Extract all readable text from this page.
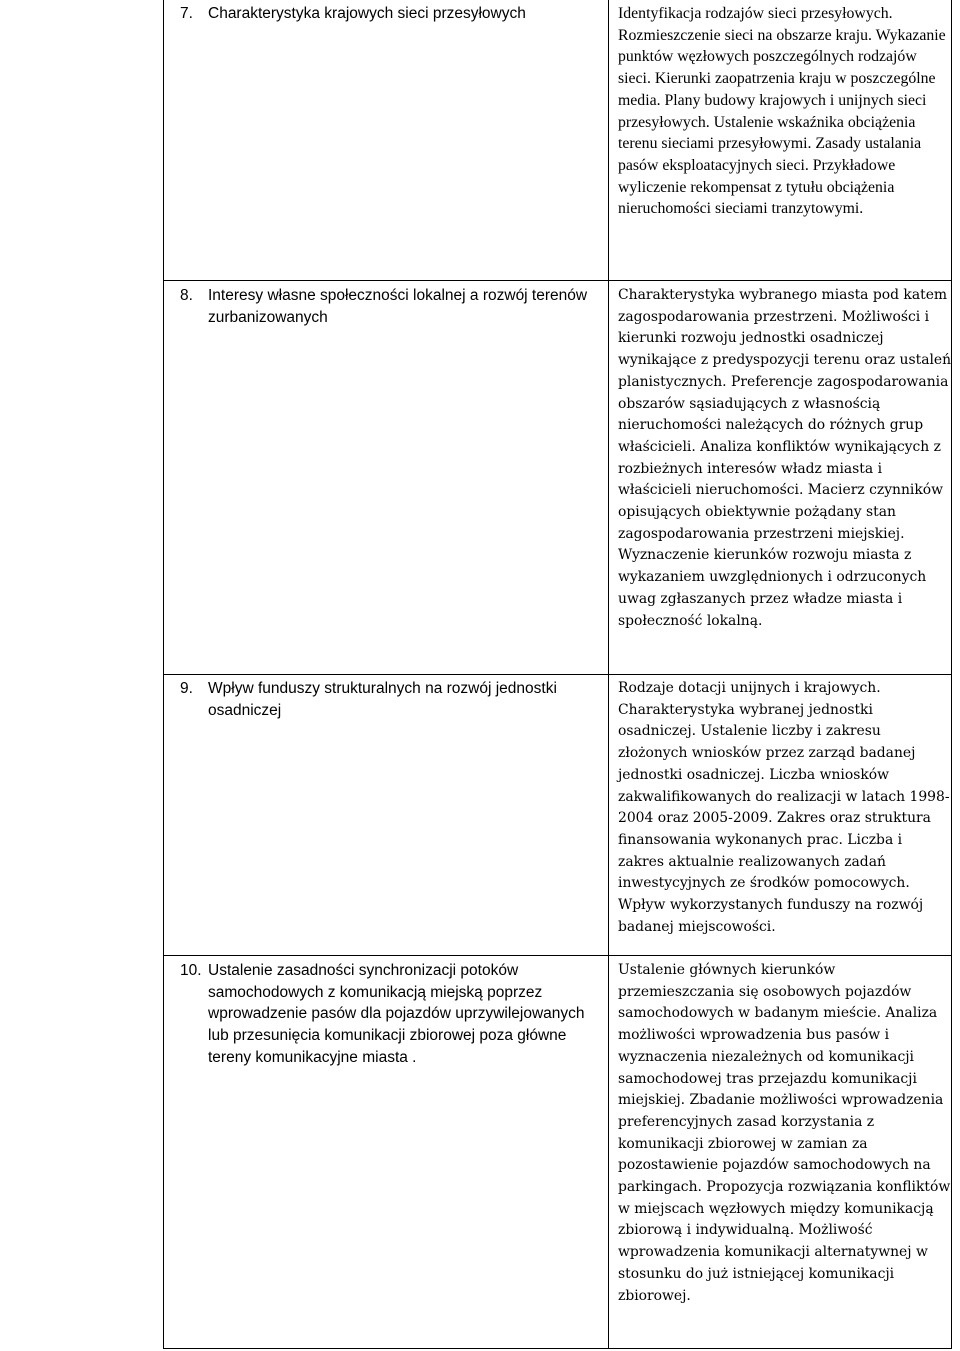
7. Charakterystyka krajowych sieci przesyłowych	Identyfikacja rodzajów sieci przesyłowych. Rozmieszczenie sieci na obszarze kraju. Wykazanie punktów węzłowych poszczególnych rodzajów sieci. Kierunki zaopatrzenia kraju w poszczególne media. Plany budowy krajowych i unijnych sieci przesyłowych. Ustalenie wskaźnika obciążenia terenu sieciami przesyłowymi. Zasady ustalania pasów eksploatacyjnych sieci. Przykładowe wyliczenie rekompensat z tytułu obciążenia nieruchomości sieciami tranzytowymi.
8. Interesy własne społeczności lokalnej a rozwój terenów zurbanizowanych
Charakterystyka wybranego miasta pod katem zagospodarowania przestrzeni. Możliwości i kierunki rozwoju jednostki osadniczej wynikające z predyspozycji terenu oraz ustaleń planistycznych. Preferencje zagospodarowania obszarów sąsiadujących z własnością nieruchomości należących do różnych grup właścicieli. Analiza konfliktów wynikających z rozbieżnych interesów władz miasta i właścicieli nieruchomości. Macierz czynników opisujących obiektywnie pożądany stan zagospodarowania przestrzeni miejskiej. Wyznaczenie kierunków rozwoju miasta z wykazaniem uwzględnionych i odrzuconych uwag zgłaszanych przez władze miasta i społeczność lokalną.
9. Wpływ funduszy strukturalnych na rozwój jednostki osadniczej
Rodzaje dotacji unijnych i krajowych. Charakterystyka wybranej jednostki osadniczej. Ustalenie liczby i zakresu złożonych wniosków przez zarząd badanej jednostki osadniczej. Liczba wniosków zakwalifikowanych do realizacji w latach 1998-2004 oraz 2005-2009. Zakres oraz struktura finansowania wykonanych prac. Liczba i zakres aktualnie realizowanych zadań inwestycyjnych ze środków pomocowych. Wpływ wykorzystanych funduszy na rozwój badanej miejscowości.
10. Ustalenie zasadności synchronizacji potoków samochodowych z komunikacją miejską poprzez wprowadzenie pasów dla pojazdów uprzywilejowanych lub przesunięcia komunikacji zbiorowej poza główne tereny komunikacyjne miasta .
Ustalenie głównych kierunków przemieszczania się osobowych pojazdów samochodowych w badanym mieście. Analiza możliwości wprowadzenia bus pasów i wyznaczenia niezależnych od komunikacji samochodowej tras przejazdu komunikacji miejskiej. Zbadanie możliwości wprowadzenia preferencyjnych zasad korzystania z komunikacji zbiorowej w zamian za pozostawienie pojazdów samochodowych na parkingach. Propozycja rozwiązania konfliktów w miejscach węzłowych między komunikacją zbiorową i indywidualną. Możliwość wprowadzenia komunikacji alternatywnej w stosunku do już istniejącej komunikacji zbiorowej.
